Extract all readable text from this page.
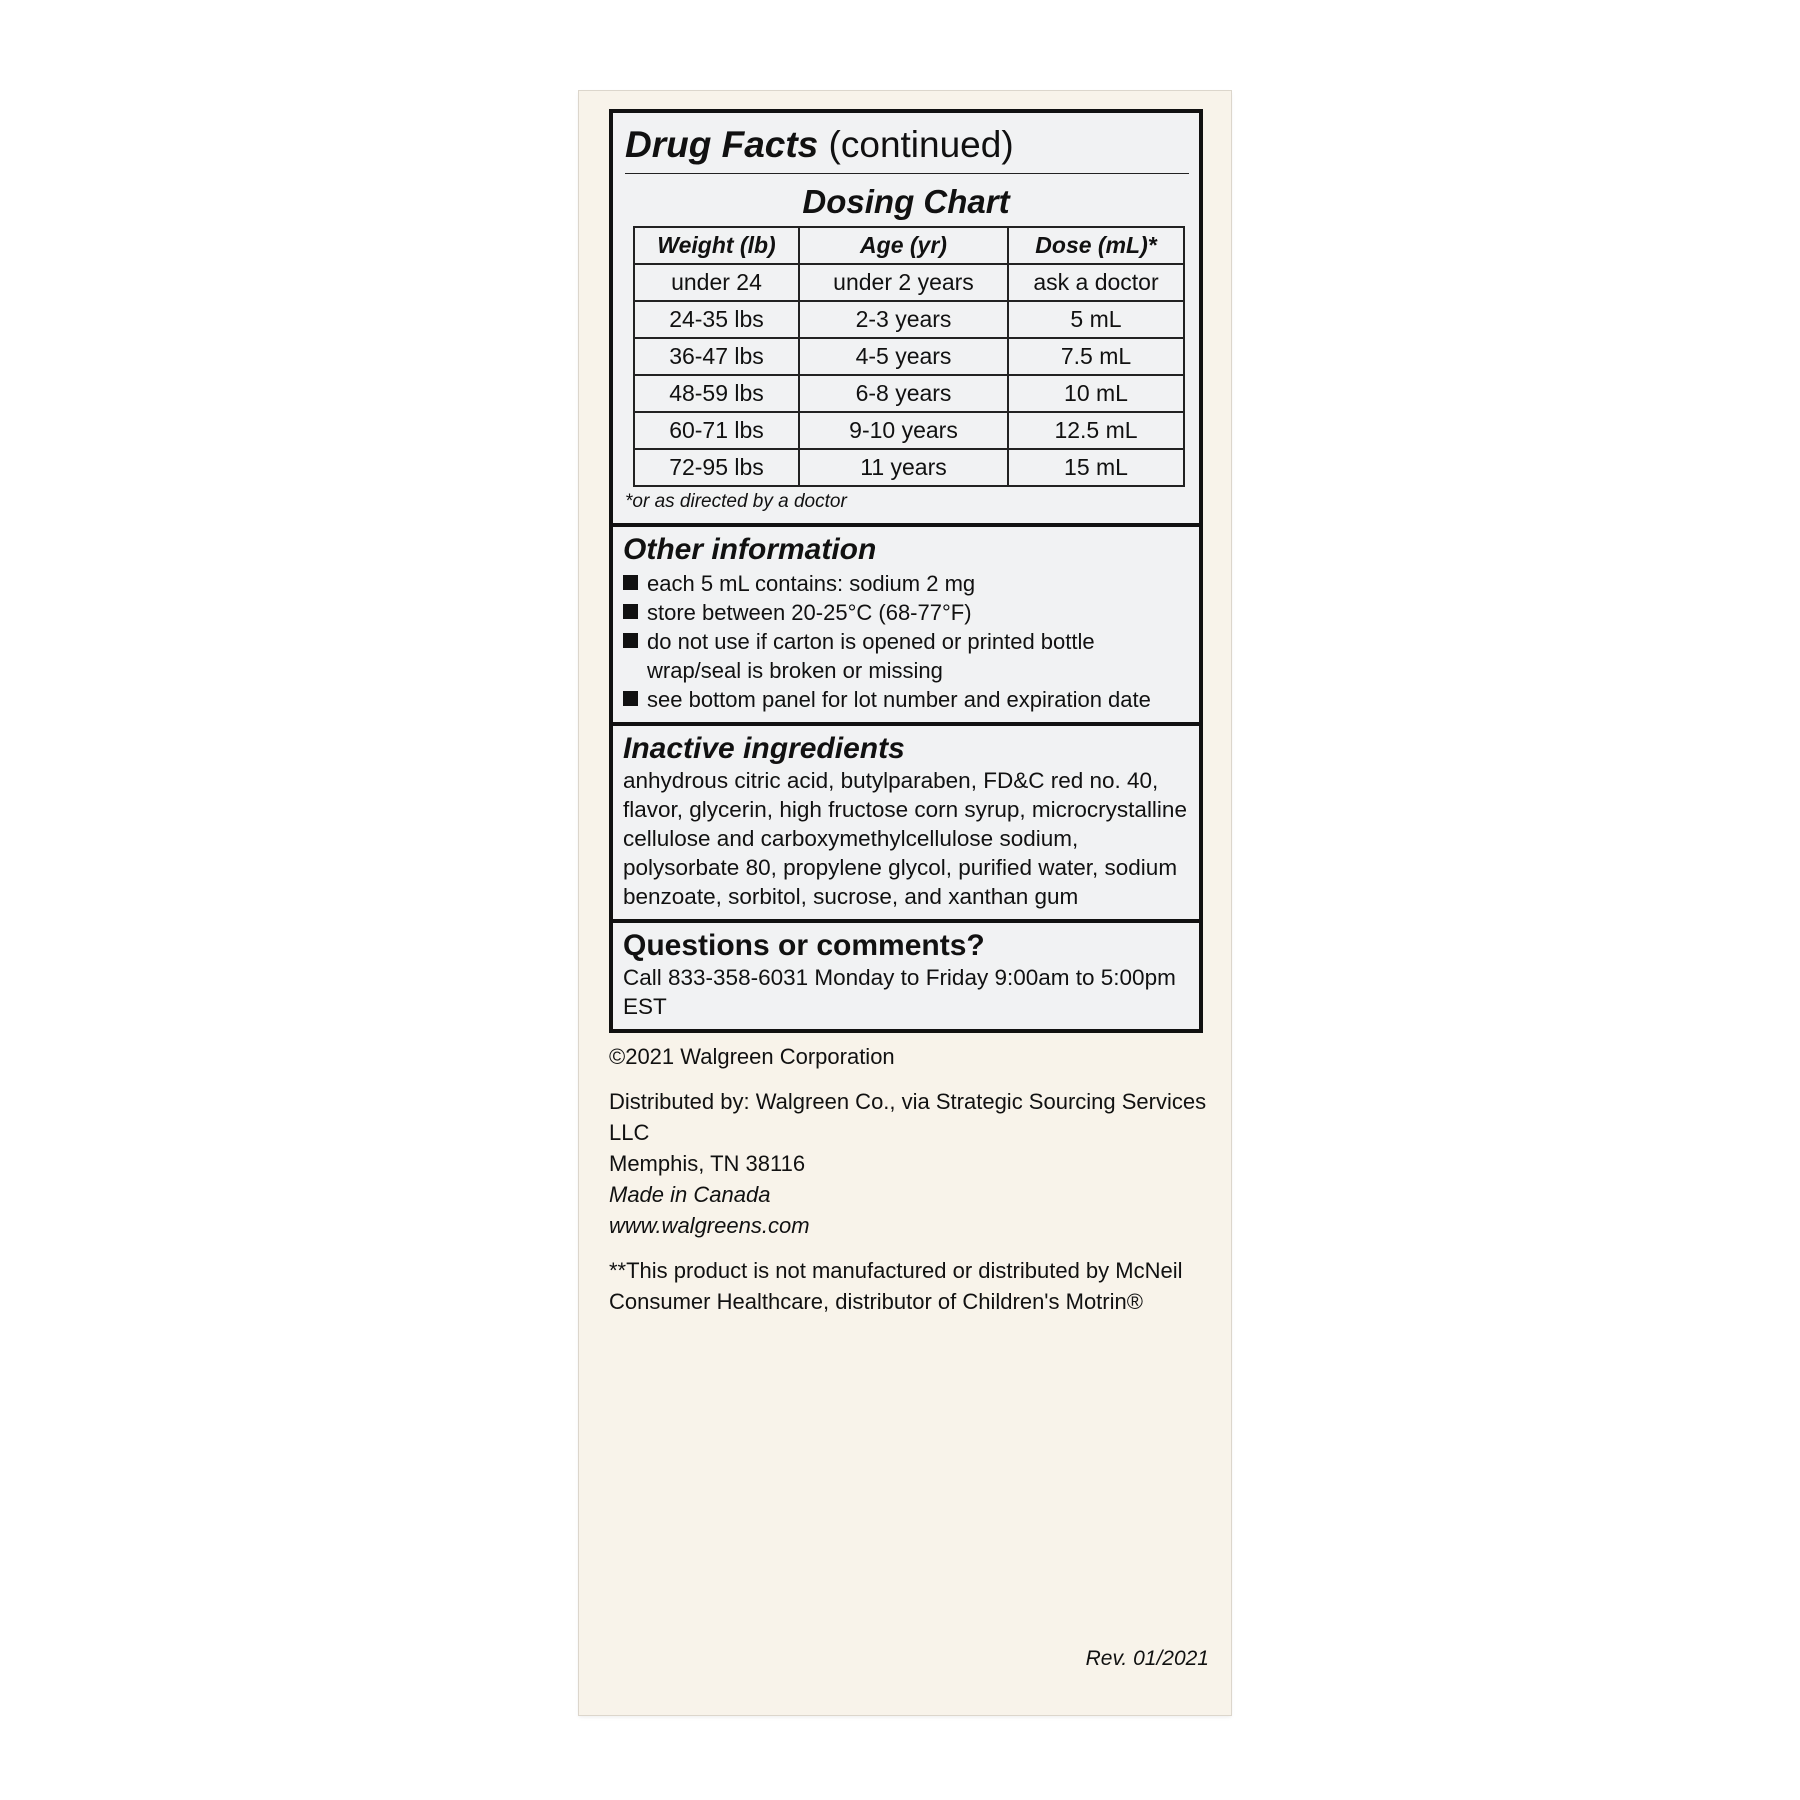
Drug Facts (continued)
Dosing Chart
Weight (lb)	Age (yr)	Dose (mL)*
under 24	under 2 years	ask a doctor
24-35 lbs	2-3 years	5 mL
36-47 lbs	4-5 years	7.5 mL
48-59 lbs	6-8 years	10 mL
60-71 lbs	9-10 years	12.5 mL
72-95 lbs	11 years	15 mL
*or as directed by a doctor
Other information
each 5 mL contains: sodium 2 mg
store between 20-25°C (68-77°F)
do not use if carton is opened or printed bottle wrap/seal is broken or missing
see bottom panel for lot number and expiration date
Inactive ingredients
anhydrous citric acid, butylparaben, FD&C red no. 40, flavor, glycerin, high fructose corn syrup, microcrystalline cellulose and carboxymethylcellulose sodium, polysorbate 80, propylene glycol, purified water, sodium benzoate, sorbitol, sucrose, and xanthan gum
Questions or comments?
Call 833-358-6031 Monday to Friday 9:00am to 5:00pm EST
©2021 Walgreen Corporation
Distributed by: Walgreen Co., via Strategic Sourcing Services LLC
Memphis, TN 38116
Made in Canada
www.walgreens.com
**This product is not manufactured or distributed by McNeil
Consumer Healthcare, distributor of Children's Motrin®
Rev. 01/2021
